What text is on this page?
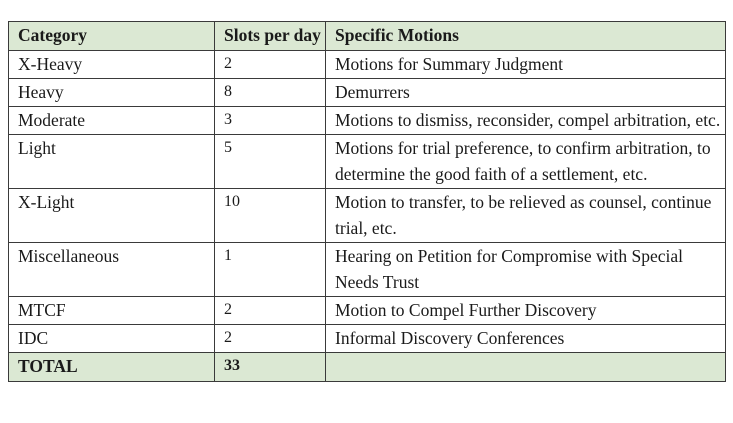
Category	Slots per day	Specific Motions
X-Heavy	2	Motions for Summary Judgment
Heavy	8	Demurrers
Moderate	3	Motions to dismiss, reconsider, compel arbitration, etc.
Light	5	Motions for trial preference, to confirm arbitration, to determine the good faith of a settlement, etc.
X-Light	10	Motion to transfer, to be relieved as counsel, continue trial, etc.
Miscellaneous	1	Hearing on Petition for Compromise with Special Needs Trust
MTCF	2	Motion to Compel Further Discovery
IDC	2	Informal Discovery Conferences
TOTAL	33	
